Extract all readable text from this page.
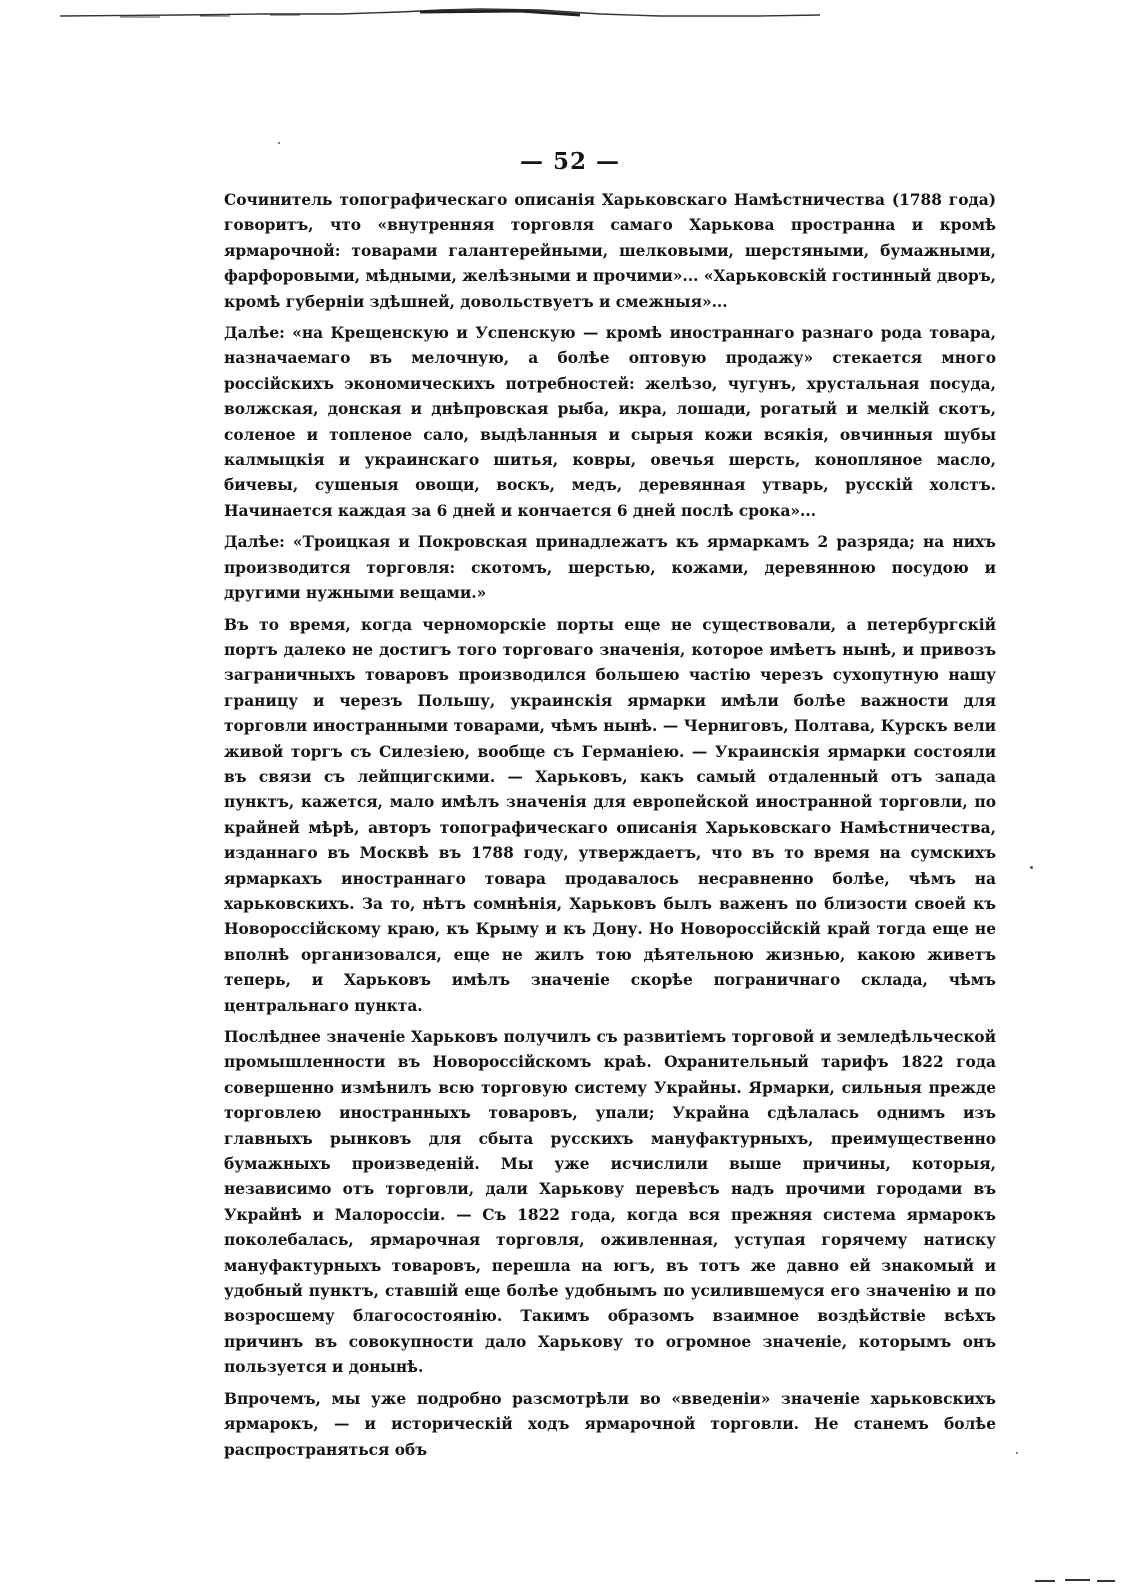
— 52 —

Сочинитель топографическаго описанія Харьковскаго Намѣстничества (1788 года) говоритъ, что «внутренняя торговля самаго Харькова пространна и кромѣ ярмарочной: товарами галантерейными, шелковыми, шерстяными, бумажными, фарфоровыми, мѣдными, желѣзными и прочими»... «Харьковскій гостинный дворъ, кромѣ губерніи здѣшней, довольствуетъ и смежныя»...

Далѣе: «на Крещенскую и Успенскую — кромѣ иностраннаго разнаго рода товара, назначаемаго въ мелочную, а болѣе оптовую продажу» стекается много россійскихъ экономическихъ потребностей: желѣзо, чугунъ, хрустальная посуда, волжская, донская и днѣпровская рыба, икра, лошади, рогатый и мелкій скотъ, соленое и топленое сало, выдѣланныя и сырыя кожи всякія, овчинныя шубы калмыцкія и украинскаго шитья, ковры, овечья шерсть, конопляное масло, бичевы, сушеныя овощи, воскъ, медъ, деревянная утварь, русскій холстъ. Начинается каждая за 6 дней и кончается 6 дней послѣ срока»...

Далѣе: «Троицкая и Покровская принадлежатъ къ ярмаркамъ 2 разряда; на нихъ производится торговля: скотомъ, шерстью, кожами, деревянною посудою и другими нужными вещами.»

Въ то время, когда черноморскіе порты еще не существовали, а петербургскій портъ далеко не достигъ того торговаго значенія, которое имѣетъ нынѣ, и привозъ заграничныхъ товаровъ производился большею частію черезъ сухопутную нашу границу и черезъ Польшу, украинскія ярмарки имѣли болѣе важности для торговли иностранными товарами, чѣмъ нынѣ. — Черниговъ, Полтава, Курскъ вели живой торгъ съ Силезіею, вообще съ Германіею. — Украинскія ярмарки состояли въ связи съ лейпцигскими. — Харьковъ, какъ самый отдаленный отъ запада пунктъ, кажется, мало имѣлъ значенія для европейской иностранной торговли, по крайней мѣрѣ, авторъ топографическаго описанія Харьковскаго Намѣстничества, изданнаго въ Москвѣ въ 1788 году, утверждаетъ, что въ то время на сумскихъ ярмаркахъ иностраннаго товара продавалось несравненно болѣе, чѣмъ на харьковскихъ. За то, нѣтъ сомнѣнія, Харьковъ былъ важенъ по близости своей къ Новороссійскому краю, къ Крыму и къ Дону. Но Новороссійскій край тогда еще не вполнѣ организовался, еще не жилъ тою дѣятельною жизнью, какою живетъ теперь, и Харьковъ имѣлъ значеніе скорѣе пограничнаго склада, чѣмъ центральнаго пункта.

Послѣднее значеніе Харьковъ получилъ съ развитіемъ торговой и земледѣльческой промышленности въ Новороссійскомъ краѣ. Охранительный тарифъ 1822 года совершенно измѣнилъ всю торговую систему Украйны. Ярмарки, сильныя прежде торговлею иностранныхъ товаровъ, упали; Украйна сдѣлалась однимъ изъ главныхъ рынковъ для сбыта русскихъ мануфактурныхъ, преимущественно бумажныхъ произведеній. Мы уже исчислили выше причины, которыя, независимо отъ торговли, дали Харькову перевѣсъ надъ прочими городами въ Украйнѣ и Малороссіи. — Съ 1822 года, когда вся прежняя система ярмарокъ поколебалась, ярмарочная торговля, оживленная, уступая горячему натиску мануфактурныхъ товаровъ, перешла на югъ, въ тотъ же давно ей знакомый и удобный пунктъ, ставшій еще болѣе удобнымъ по усилившемуся его значенію и по возросшему благосостоянію. Такимъ образомъ взаимное воздѣйствіе всѣхъ причинъ въ совокупности дало Харькову то огромное значеніе, которымъ онъ пользуется и донынѣ.

Впрочемъ, мы уже подробно разсмотрѣли во «введеніи» значеніе харьковскихъ ярмарокъ, — и историческій ходъ ярмарочной торговли. Не станемъ болѣе распространяться объ
